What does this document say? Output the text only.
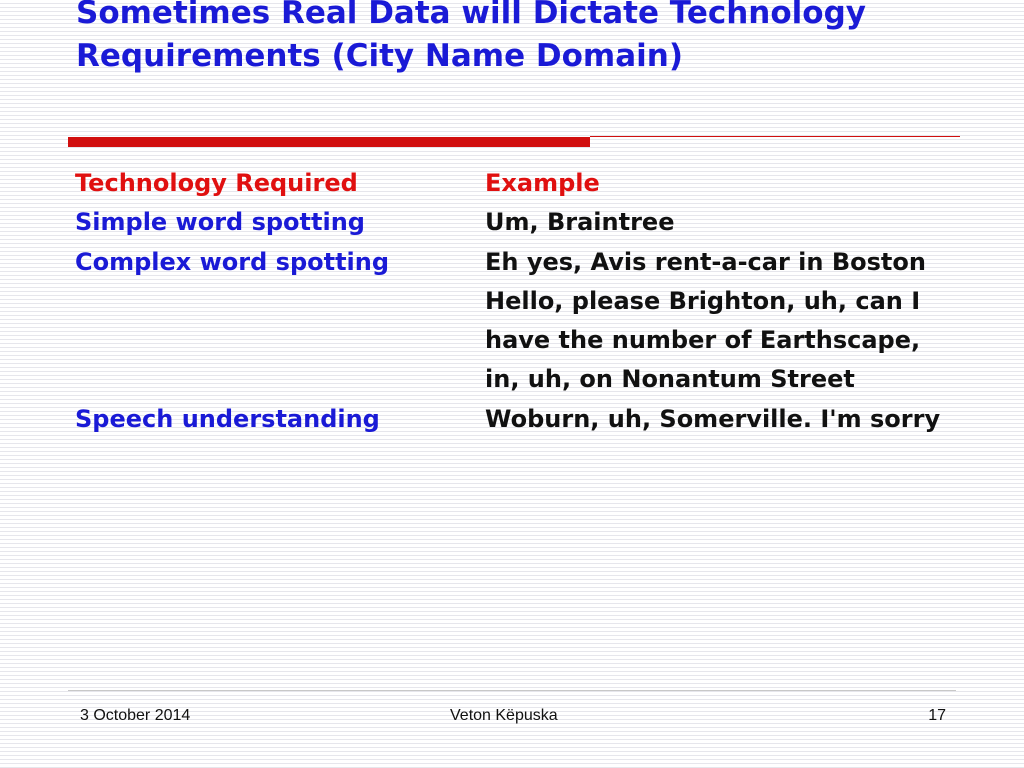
Sometimes Real Data will Dictate Technology Requirements (City Name Domain)
Technology Required	Example
Simple word spotting	Um, Braintree
Complex word spotting	Eh yes, Avis rent-a-car in Boston Hello, please Brighton, uh, can I have the number of Earthscape, in, uh, on Nonantum Street
Speech understanding	Woburn, uh, Somerville. I'm sorry
3 October 2014	Veton Këpuska	17
